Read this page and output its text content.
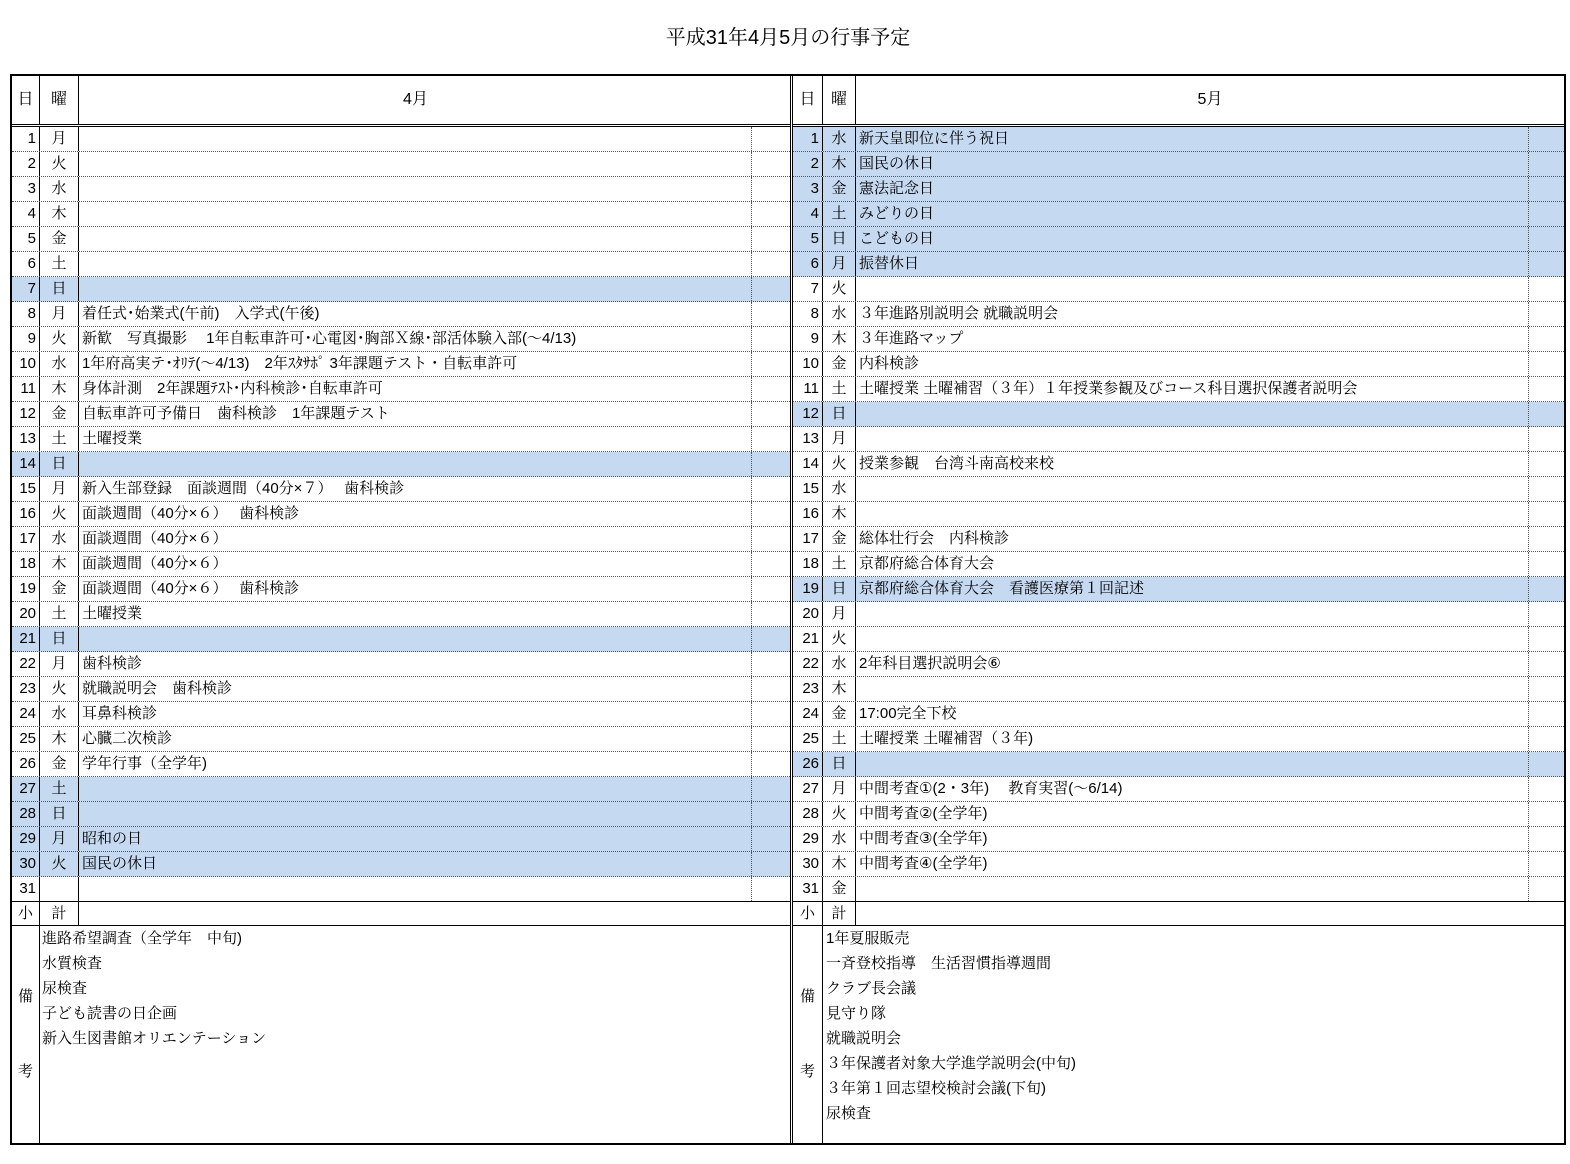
平成31年4月5月の行事予定
日	曜	4月
1	月
2	火
3	水
4	木
5	金
6	土
7	日
8	月	着任式･始業式(午前)　入学式(午後)
9	火	新歓　写真撮影　 1年自転車許可･心電図･胸部Ｘ線･部活体験入部(～4/13)
10	水	1年府高実テ･ｵﾘﾃ(～4/13)　2年ｽﾀｻﾎﾟ 3年課題テスト・自転車許可
11	木	身体計測　2年課題ﾃｽﾄ･内科検診･自転車許可
12	金	自転車許可予備日　歯科検診　1年課題テスト
13	土	土曜授業
14	日
15	月	新入生部登録　面談週間（40分×７）　 歯科検診
16	火	面談週間（40分×６）　 歯科検診
17	水	面談週間（40分×６）
18	木	面談週間（40分×６）
19	金	面談週間（40分×６）　 歯科検診
20	土	土曜授業
21	日
22	月	歯科検診
23	火	就職説明会　歯科検診
24	水	耳鼻科検診
25	木	心臓二次検診
26	金	学年行事（全学年)
27	土
28	日
29	月	昭和の日
30	火	国民の休日
31
小	計
備
考
進路希望調査（全学年　中旬)
水質検査
尿検査
子ども読書の日企画
新入生図書館オリエンテーション
日 曜	5月
1 水 新天皇即位に伴う祝日
2 木 国民の休日
3 金 憲法記念日
4 土 みどりの日
5 日 こどもの日
6 月 振替休日
7 火
8 水 ３年進路別説明会 就職説明会
9 木 ３年進路マップ
10 金 内科検診
11 土 土曜授業 土曜補習（３年）１年授業参観及びコース科目選択保護者説明会
12 日
13 月
14 火 授業参観　台湾斗南高校来校
15 水
16 木
17 金 総体壮行会　内科検診
18 土 京都府総合体育大会
19 日 京都府総合体育大会　看護医療第１回記述
20 月
21 火
22 水 2年科目選択説明会⑥
23 木
24 金 17:00完全下校
25 土 土曜授業 土曜補習（３年)
26 日
27 月 中間考査①(2・3年)　 教育実習(～6/14)
28 火 中間考査②(全学年)
29 水 中間考査③(全学年)
30 木 中間考査④(全学年)
31 金
小	計
備
考
1年夏服販売
一斉登校指導　生活習慣指導週間
クラブ長会議
見守り隊
就職説明会
３年保護者対象大学進学説明会(中旬)
３年第１回志望校検討会議(下旬)
尿検査
